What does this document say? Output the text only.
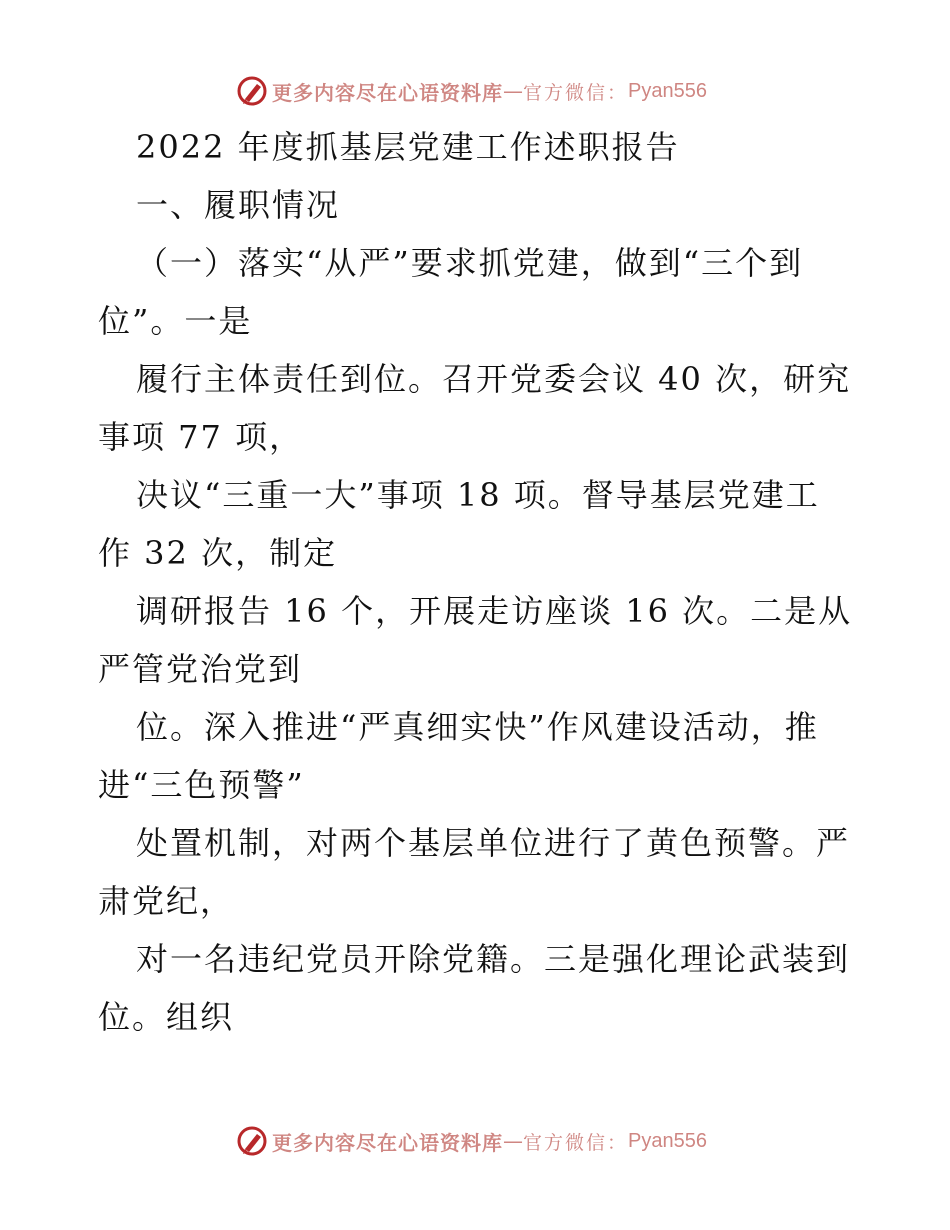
更多内容尽在心语资料库 — 官方微信： Pyan556
2022 年度抓基层党建工作述职报告
一、履职情况
（一）落实“从严”要求抓党建，做到“三个到
位”。一是
履行主体责任到位。召开党委会议 40 次，研究
事项 77 项，
决议“三重一大”事项 18 项。督导基层党建工
作 32 次，制定
调研报告 16 个，开展走访座谈 16 次。二是从
严管党治党到
位。深入推进“严真细实快”作风建设活动，推
进“三色预警”
处置机制，对两个基层单位进行了黄色预警。严
肃党纪，
对一名违纪党员开除党籍。三是强化理论武装到
位。组织
更多内容尽在心语资料库 — 官方微信： Pyan556
